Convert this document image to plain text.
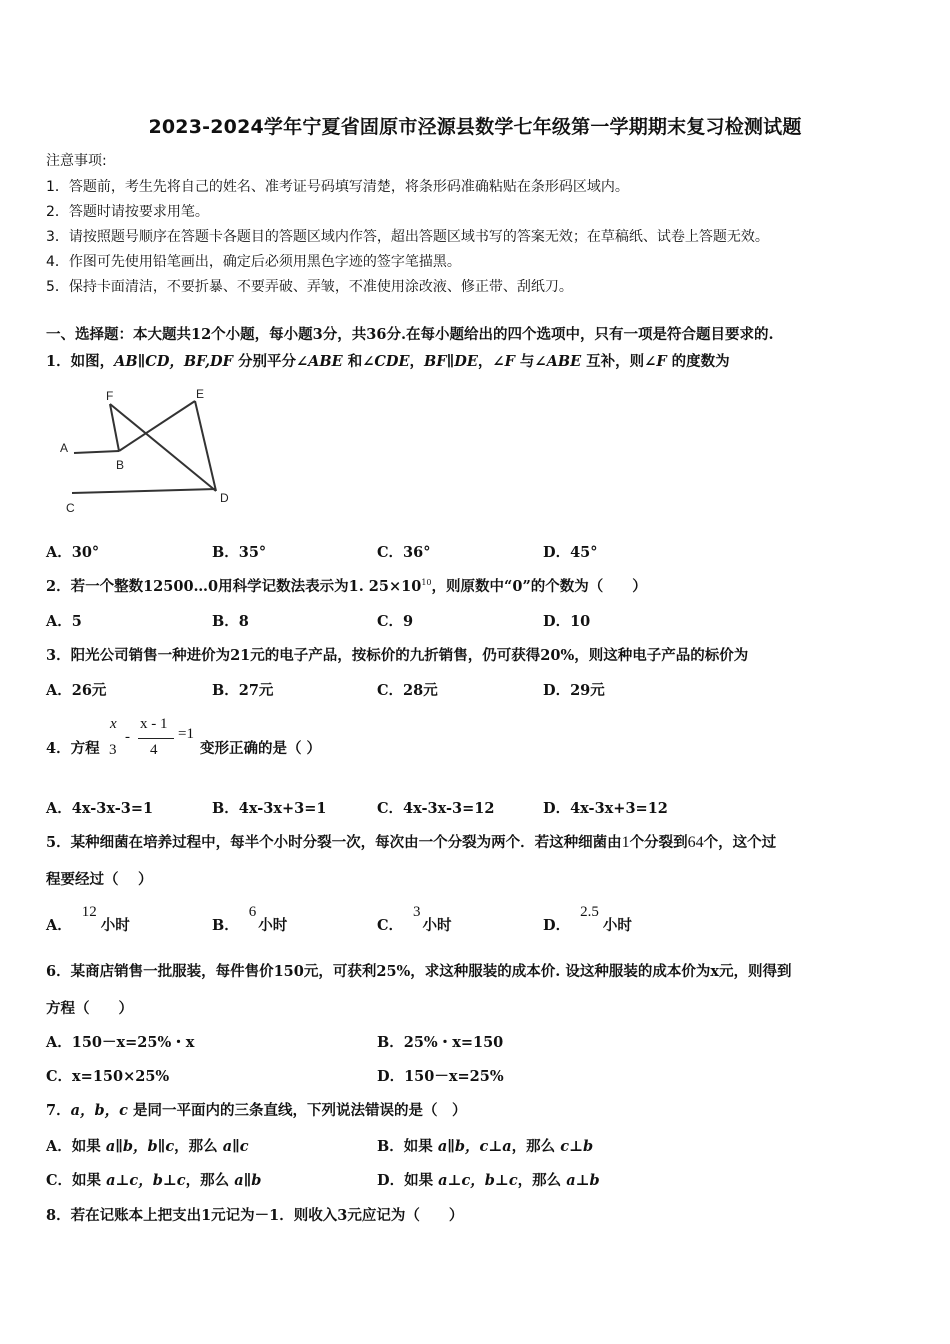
2023-2024学年宁夏省固原市泾源县数学七年级第一学期期末复习检测试题
注意事项:
1．答题前，考生先将自己的姓名、准考证号码填写清楚，将条形码准确粘贴在条形码区域内。
2．答题时请按要求用笔。
3．请按照题号顺序在答题卡各题目的答题区域内作答，超出答题区域书写的答案无效；在草稿纸、试卷上答题无效。
4．作图可先使用铅笔画出，确定后必须用黑色字迹的签字笔描黑。
5．保持卡面清洁，不要折暴、不要弄破、弄皱，不准使用涂改液、修正带、刮纸刀。
一、选择题：本大题共12个小题，每小题3分，共36分.在每小题给出的四个选项中，只有一项是符合题目要求的.
1．如图，AB∥CD，BF,DF 分别平分∠ABE 和∠CDE，BF∥DE，∠F 与∠ABE 互补，则∠F 的度数为
A
B
C
D
E
F
A．30°	B．35°	C．36°	D．45°
2．若一个整数12500…0用科学记数法表示为1. $25\times 10^{10}$，则原数中“0”的个数为（　　）
A．5	B．8	C．9	D．10
3．阳光公司销售一种进价为21元的电子产品，按标价的九折销售，仍可获得20%，则这种电子产品的标价为
A．26元	B．27元	C．28元	D．29元
4．方程
x
3
-
x - 1
4
=1
变形正确的是（ ）
A．4x-3x-3=1	B．4x-3x+3=1	C．4x-3x-3=12	D．4x-3x+3=12
5．某种细菌在培养过程中，每半个小时分裂一次，每次由一个分裂为两个．若这种细菌由1个分裂到64个，这个过
程要经过（　 ）
A．12小时	B．6小时	C．3小时	D．2.5小时
6．某商店销售一批服装，每件售价150元，可获利25%，求这种服装的成本价. 设这种服装的成本价为x元，则得到
方程（　　）
A．150－x=25%・x	B．25%・x=150
C．x=150×25%	D．150－x=25%
7．a，b，c 是同一平面内的三条直线，下列说法错误的是（　）
A．如果 a∥b，b∥c，那么 a∥c	B．如果 a∥b，c⊥a，那么 c⊥b
C．如果 a⊥c，b⊥c，那么 a∥b	D．如果 a⊥c，b⊥c，那么 a⊥b
8．若在记账本上把支出1元记为－1．则收入3元应记为（　　）
